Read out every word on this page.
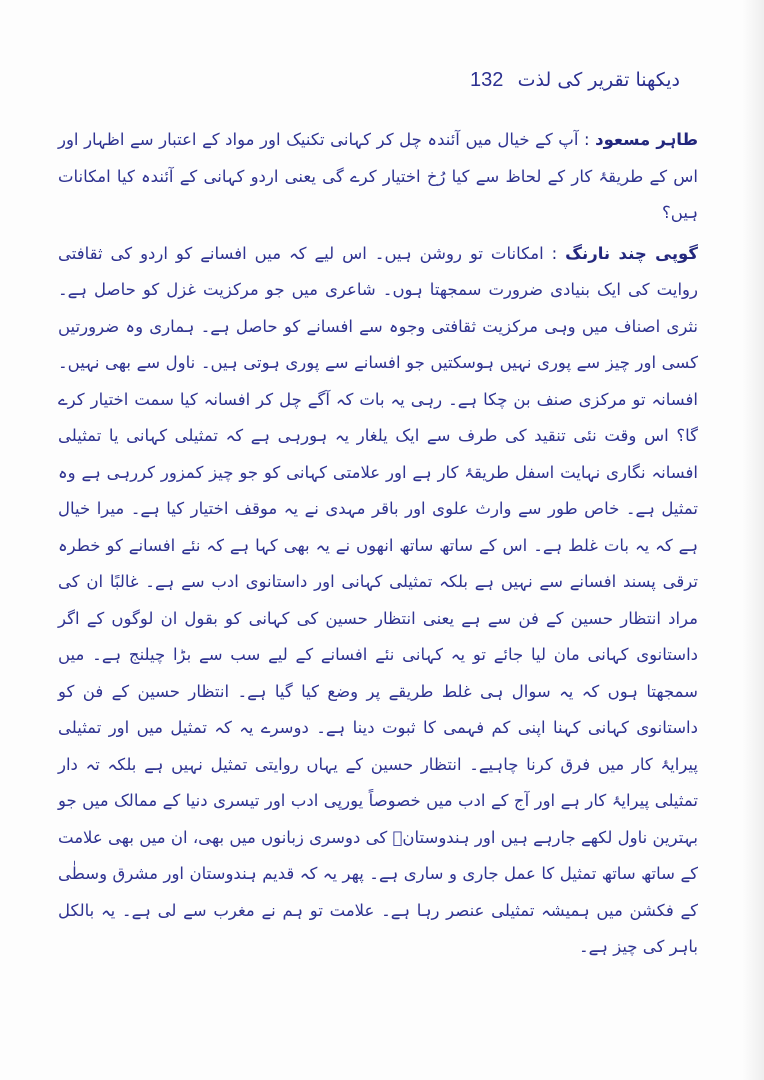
132 دیکھنا تقریر کی لذت

طاہر مسعود : آپ کے خیال میں آئندہ چل کر کہانی تکنیک اور مواد کے اعتبار سے اظہار اور اس کے طریقۂ کار کے لحاظ سے کیا رُخ اختیار کرے گی یعنی اردو کہانی کے آئندہ کیا امکانات ہیں؟

گوپی چند نارنگ : امکانات تو روشن ہیں۔ اس لیے کہ میں افسانے کو اردو کی ثقافتی روایت کی ایک بنیادی ضرورت سمجھتا ہوں۔ شاعری میں جو مرکزیت غزل کو حاصل ہے۔ نثری اصناف میں وہی مرکزیت ثقافتی وجوہ سے افسانے کو حاصل ہے۔ ہماری وہ ضرورتیں کسی اور چیز سے پوری نہیں ہوسکتیں جو افسانے سے پوری ہوتی ہیں۔ ناول سے بھی نہیں۔ افسانہ تو مرکزی صنف بن چکا ہے۔ رہی یہ بات کہ آگے چل کر افسانہ کیا سمت اختیار کرے گا؟ اس وقت نئی تنقید کی طرف سے ایک یلغار یہ ہورہی ہے کہ تمثیلی کہانی یا تمثیلی افسانہ نگاری نہایت اسفل طریقۂ کار ہے اور علامتی کہانی کو جو چیز کمزور کررہی ہے وہ تمثیل ہے۔ خاص طور سے وارث علوی اور باقر مہدی نے یہ موقف اختیار کیا ہے۔ میرا خیال ہے کہ یہ بات غلط ہے۔ اس کے ساتھ ساتھ انھوں نے یہ بھی کہا ہے کہ نئے افسانے کو خطرہ ترقی پسند افسانے سے نہیں ہے بلکہ تمثیلی کہانی اور داستانوی ادب سے ہے۔ غالبًا ان کی مراد انتظار حسین کے فن سے ہے یعنی انتظار حسین کی کہانی کو بقول ان لوگوں کے اگر داستانوی کہانی مان لیا جائے تو یہ کہانی نئے افسانے کے لیے سب سے بڑا چیلنج ہے۔ میں سمجھتا ہوں کہ یہ سوال ہی غلط طریقے پر وضع کیا گیا ہے۔ انتظار حسین کے فن کو داستانوی کہانی کہنا اپنی کم فہمی کا ثبوت دینا ہے۔ دوسرے یہ کہ تمثیل میں اور تمثیلی پیرایۂ کار میں فرق کرنا چاہیے۔ انتظار حسین کے یہاں روایتی تمثیل نہیں ہے بلکہ تہ دار تمثیلی پیرایۂ کار ہے اور آج کے ادب میں خصوصاً یورپی ادب اور تیسری دنیا کے ممالک میں جو بہترین ناول لکھے جارہے ہیں اور ہندوستانؐ کی دوسری زبانوں میں بھی، ان میں بھی علامت کے ساتھ ساتھ تمثیل کا عمل جاری و ساری ہے۔ پھر یہ کہ قدیم ہندوستان اور مشرق وسطٰی کے فکشن میں ہمیشہ تمثیلی عنصر رہا ہے۔ علامت تو ہم نے مغرب سے لی ہے۔ یہ بالکل باہر کی چیز ہے۔
